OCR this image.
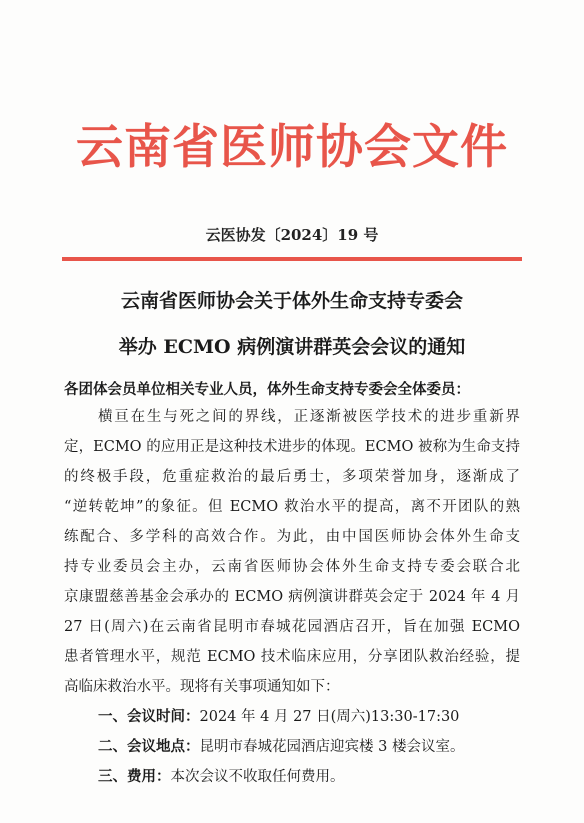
云南省医师协会文件
云医协发〔2024〕19 号
云南省医师协会关于体外生命支持专委会
举办 ECMO 病例演讲群英会会议的通知
各团体会员单位相关专业人员，体外生命支持专委会全体委员：
横亘在生与死之间的界线，正逐渐被医学技术的进步重新界
定，ECMO 的应用正是这种技术进步的体现。ECMO 被称为生命支持
的终极手段，危重症救治的最后勇士，多项荣誉加身，逐渐成了
“逆转乾坤”的象征。但 ECMO 救治水平的提高，离不开团队的熟
练配合、多学科的高效合作。为此，由中国医师协会体外生命支
持专业委员会主办，云南省医师协会体外生命支持专委会联合北
京康盟慈善基金会承办的 ECMO 病例演讲群英会定于 2024 年 4 月
27 日(周六)在云南省昆明市春城花园酒店召开，旨在加强 ECMO
患者管理水平，规范 ECMO 技术临床应用，分享团队救治经验，提
高临床救治水平。现将有关事项通知如下：
一、会议时间：2024 年 4 月 27 日(周六)13:30-17:30
二、会议地点：昆明市春城花园酒店迎宾楼 3 楼会议室。
三、费用：本次会议不收取任何费用。
